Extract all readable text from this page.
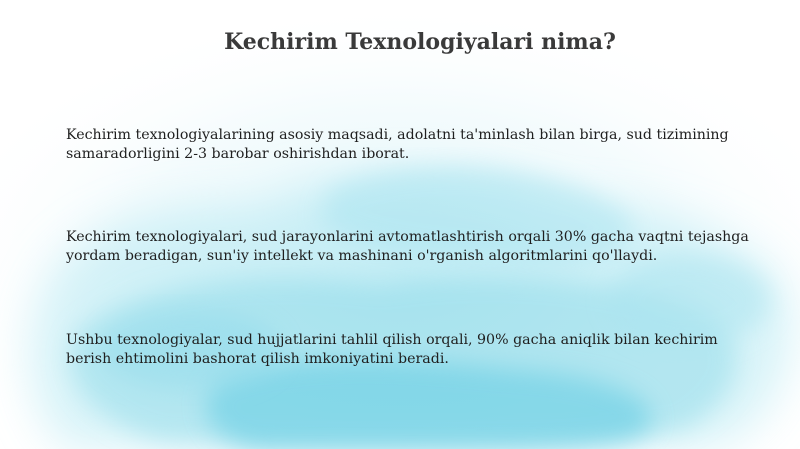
Kechirim Texnologiyalari nima?
Kechirim texnologiyalarining asosiy maqsadi, adolatni ta'minlash bilan birga, sud tizimining samaradorligini 2-3 barobar oshirishdan iborat.
Kechirim texnologiyalari, sud jarayonlarini avtomatlashtirish orqali 30% gacha vaqtni tejashga yordam beradigan, sun'iy intellekt va mashinani o'rganish algoritmlarini qo'llaydi.
Ushbu texnologiyalar, sud hujjatlarini tahlil qilish orqali, 90% gacha aniqlik bilan kechirim berish ehtimolini bashorat qilish imkoniyatini beradi.
